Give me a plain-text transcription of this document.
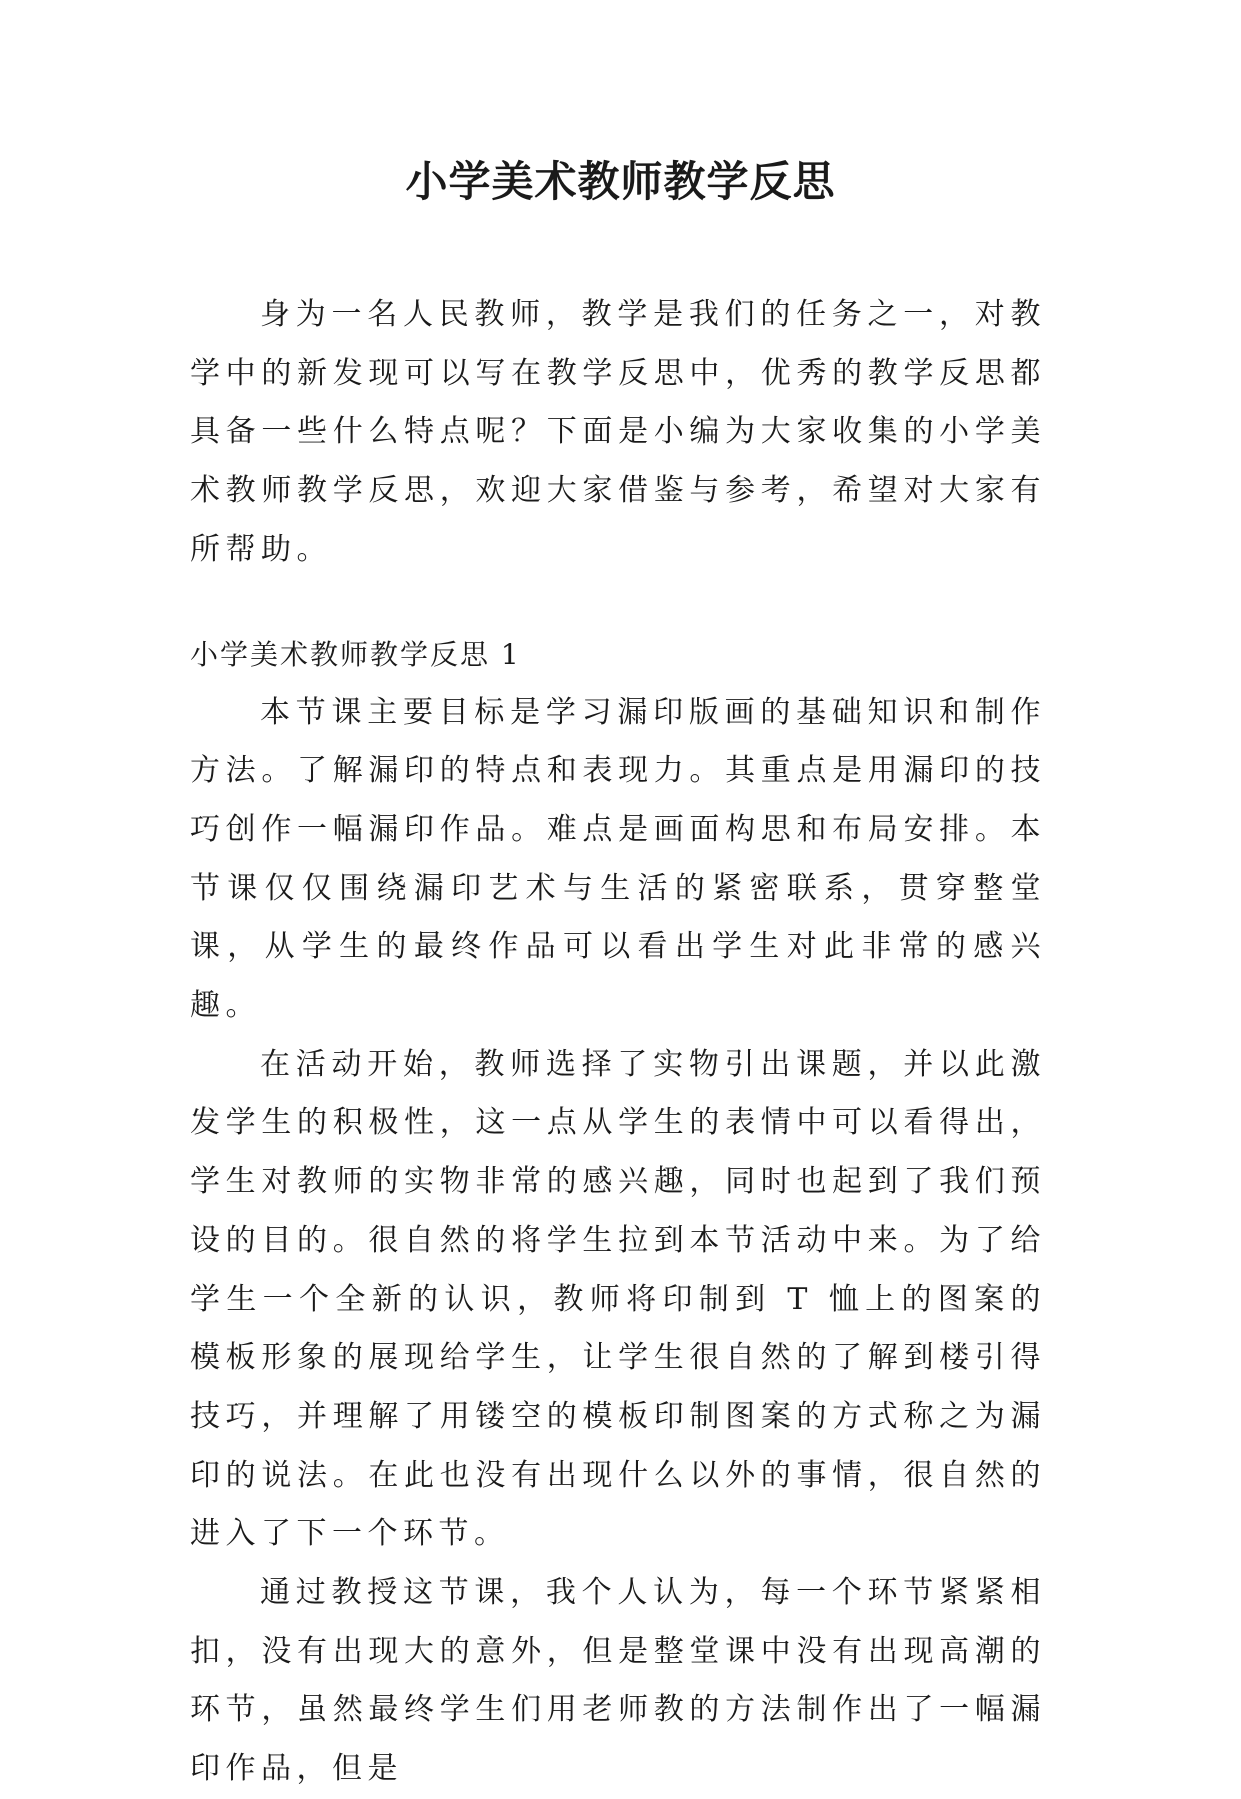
小学美术教师教学反思

身为一名人民教师，教学是我们的任务之一，对教学中的新发现可以写在教学反思中，优秀的教学反思都具备一些什么特点呢？下面是小编为大家收集的小学美术教师教学反思，欢迎大家借鉴与参考，希望对大家有所帮助。

小学美术教师教学反思 1

本节课主要目标是学习漏印版画的基础知识和制作方法。了解漏印的特点和表现力。其重点是用漏印的技巧创作一幅漏印作品。难点是画面构思和布局安排。本节课仅仅围绕漏印艺术与生活的紧密联系，贯穿整堂课，从学生的最终作品可以看出学生对此非常的感兴趣。

在活动开始，教师选择了实物引出课题，并以此激发学生的积极性，这一点从学生的表情中可以看得出，学生对教师的实物非常的感兴趣，同时也起到了我们预设的目的。很自然的将学生拉到本节活动中来。为了给学生一个全新的认识，教师将印制到 T 恤上的图案的模板形象的展现给学生，让学生很自然的了解到楼引得技巧，并理解了用镂空的模板印制图案的方式称之为漏印的说法。在此也没有出现什么以外的事情，很自然的进入了下一个环节。

通过教授这节课，我个人认为，每一个环节紧紧相扣，没有出现大的意外，但是整堂课中没有出现高潮的环节，虽然最终学生们用老师教的方法制作出了一幅漏印作品，但是
